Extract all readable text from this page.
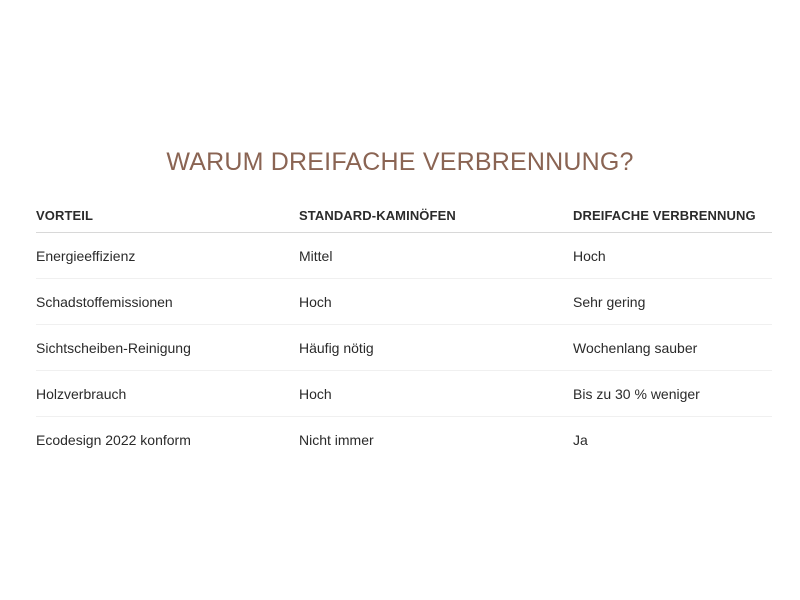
WARUM DREIFACHE VERBRENNUNG?
VORTEIL	STANDARD-KAMINÖFEN	DREIFACHE VERBRENNUNG
Energieeffizienz	Mittel	Hoch
Schadstoffemissionen	Hoch	Sehr gering
Sichtscheiben-Reinigung	Häufig nötig	Wochenlang sauber
Holzverbrauch	Hoch	Bis zu 30 % weniger
Ecodesign 2022 konform	Nicht immer	Ja
